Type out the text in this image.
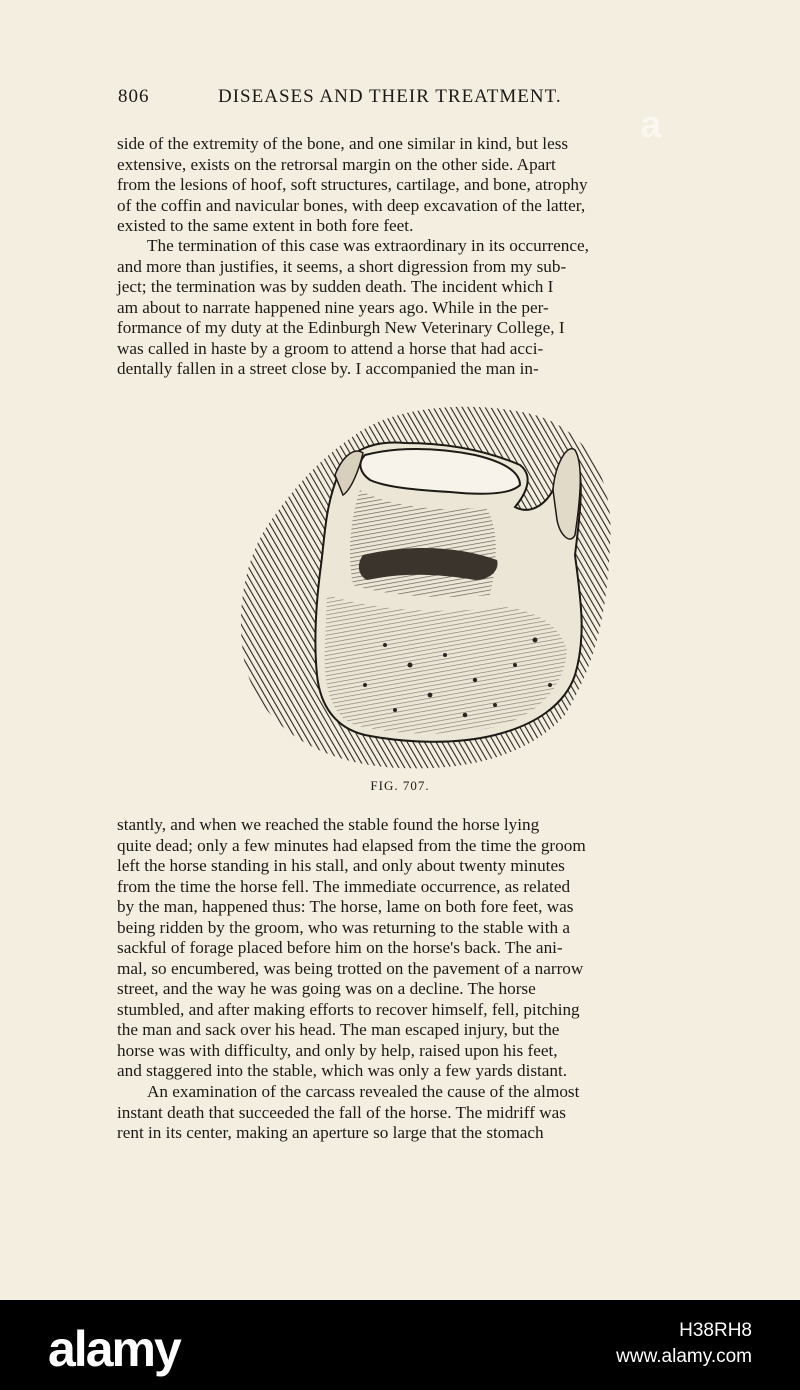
806	DISEASES AND THEIR TREATMENT.
side of the extremity of the bone, and one similar in kind, but less
extensive, exists on the retrorsal margin on the other side. Apart
from the lesions of hoof, soft structures, cartilage, and bone, atrophy
of the coffin and navicular bones, with deep excavation of the latter,
existed to the same extent in both fore feet.
The termination of this case was extraordinary in its occurrence,
and more than justifies, it seems, a short digression from my sub-
ject; the termination was by sudden death. The incident which I
am about to narrate happened nine years ago. While in the per-
formance of my duty at the Edinburgh New Veterinary College, I
was called in haste by a groom to attend a horse that had acci-
dentally fallen in a street close by. I accompanied the man in-
FIG. 707.
stantly, and when we reached the stable found the horse lying
quite dead; only a few minutes had elapsed from the time the groom
left the horse standing in his stall, and only about twenty minutes
from the time the horse fell. The immediate occurrence, as related
by the man, happened thus: The horse, lame on both fore feet, was
being ridden by the groom, who was returning to the stable with a
sackful of forage placed before him on the horse's back. The ani-
mal, so encumbered, was being trotted on the pavement of a narrow
street, and the way he was going was on a decline. The horse
stumbled, and after making efforts to recover himself, fell, pitching
the man and sack over his head. The man escaped injury, but the
horse was with difficulty, and only by help, raised upon his feet,
and staggered into the stable, which was only a few yards distant.
An examination of the carcass revealed the cause of the almost
instant death that succeeded the fall of the horse. The midriff was
rent in its center, making an aperture so large that the stomach
a
alamy	H38RH8
www.alamy.com
